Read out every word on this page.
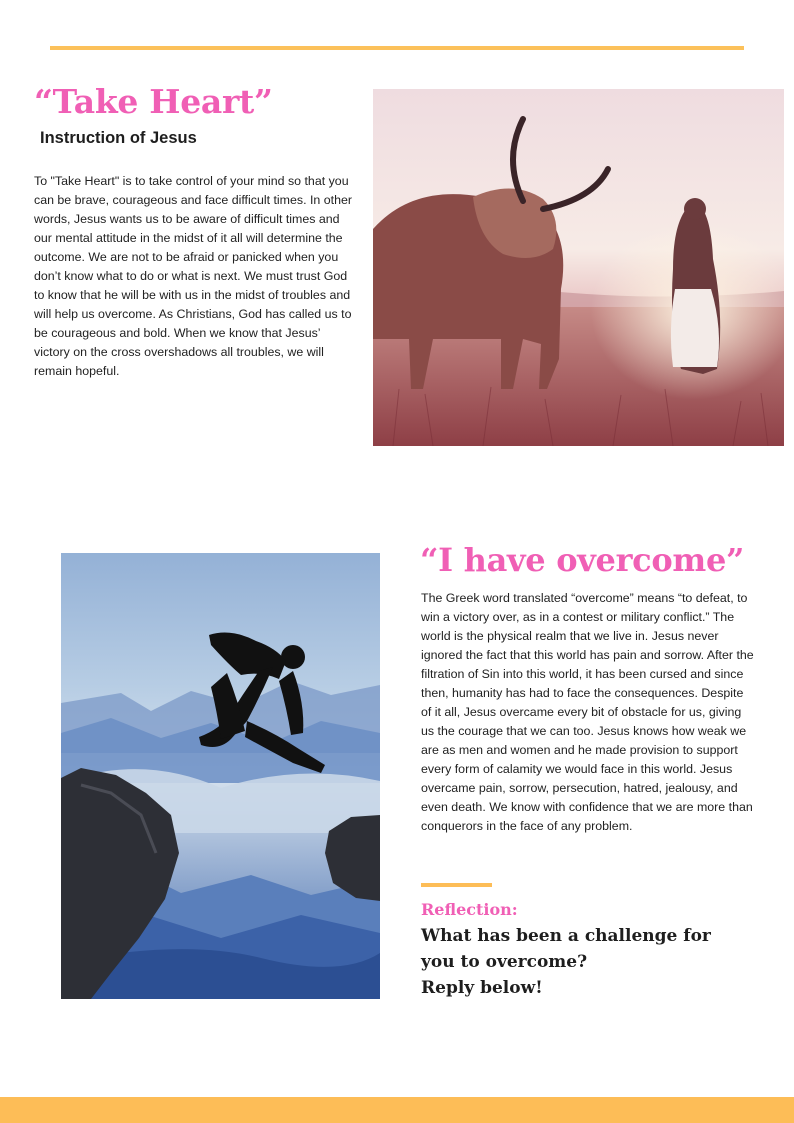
“Take Heart”
Instruction of Jesus

To "Take Heart" is to take control of your mind so that you can be brave, courageous and face difficult times. In other words, Jesus wants us to be aware of difficult times and our mental attitude in the midst of it all will determine the outcome. We are not to be afraid or panicked when you don’t know what to do or what is next. We must trust God to know that he will be with us in the midst of troubles and will help us overcome. As Christians, God has called us to be courageous and bold. When we know that Jesus’ victory on the cross overshadows all troubles, we will remain hopeful.

“I have overcome”

The Greek word translated “overcome” means “to defeat, to win a victory over, as in a contest or military conflict.” The world is the physical realm that we live in. Jesus never ignored the fact that this world has pain and sorrow. After the filtration of Sin into this world, it has been cursed and since then, humanity has had to face the consequences. Despite of it all, Jesus overcame every bit of obstacle for us, giving us the courage that we can too. Jesus knows how weak we are as men and women and he made provision to support every form of calamity we would face in this world. Jesus overcame pain, sorrow, persecution, hatred, jealousy, and even death. We know with confidence that we are more than conquerors in the face of any problem.

Reflection:

What has been a challenge for

you to overcome?

Reply below!
